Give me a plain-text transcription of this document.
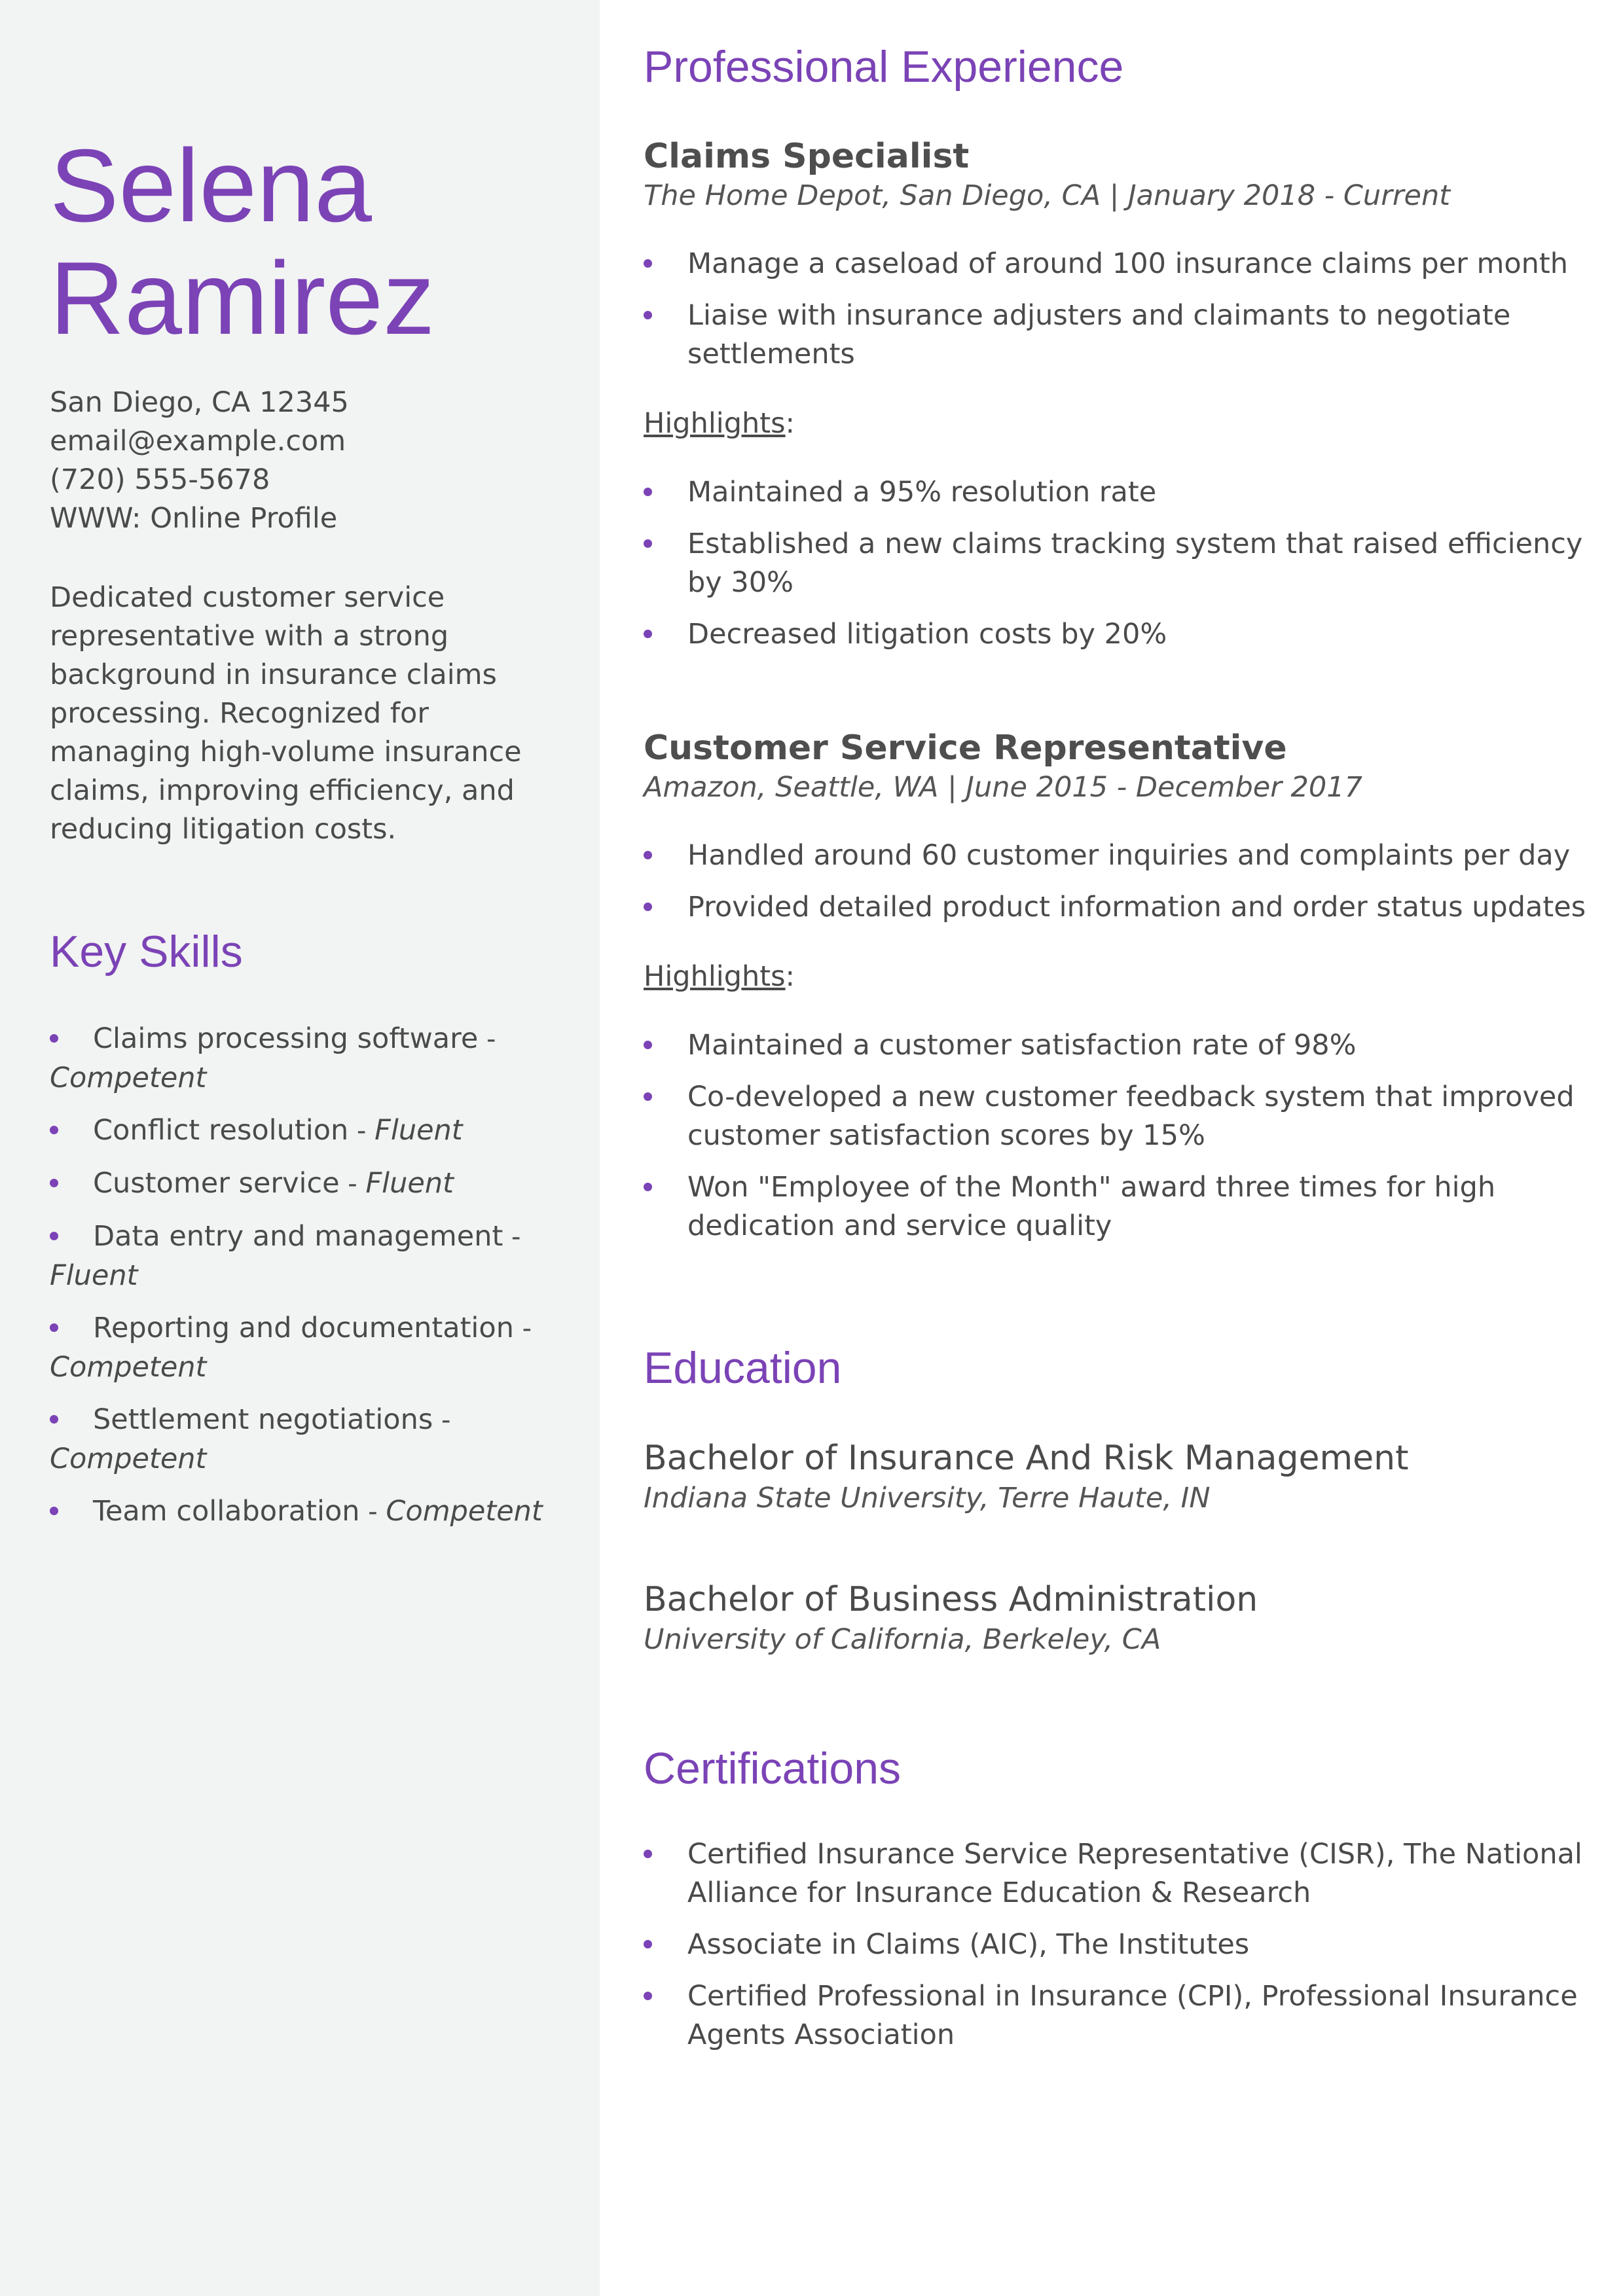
Selena
Ramirez
San Diego, CA 12345
email@example.com
(720) 555-5678
WWW: Online Profile
Dedicated customer service representative with a strong background in insurance claims processing. Recognized for managing high-volume insurance claims, improving efficiency, and reducing litigation costs.
Key Skills
Claims processing software - Competent
Conflict resolution - Fluent
Customer service - Fluent
Data entry and management - Fluent
Reporting and documentation - Competent
Settlement negotiations - Competent
Team collaboration - Competent
Professional Experience
Claims Specialist
The Home Depot, San Diego, CA | January 2018 - Current
Manage a caseload of around 100 insurance claims per month
Liaise with insurance adjusters and claimants to negotiate settlements
Highlights:
Maintained a 95% resolution rate
Established a new claims tracking system that raised efficiency by 30%
Decreased litigation costs by 20%
Customer Service Representative
Amazon, Seattle, WA | June 2015 - December 2017
Handled around 60 customer inquiries and complaints per day
Provided detailed product information and order status updates
Highlights:
Maintained a customer satisfaction rate of 98%
Co-developed a new customer feedback system that improved customer satisfaction scores by 15%
Won "Employee of the Month" award three times for high dedication and service quality
Education
Bachelor of Insurance And Risk Management
Indiana State University, Terre Haute, IN
Bachelor of Business Administration
University of California, Berkeley, CA
Certifications
Certified Insurance Service Representative (CISR), The National Alliance for Insurance Education & Research
Associate in Claims (AIC), The Institutes
Certified Professional in Insurance (CPI), Professional Insurance Agents Association
